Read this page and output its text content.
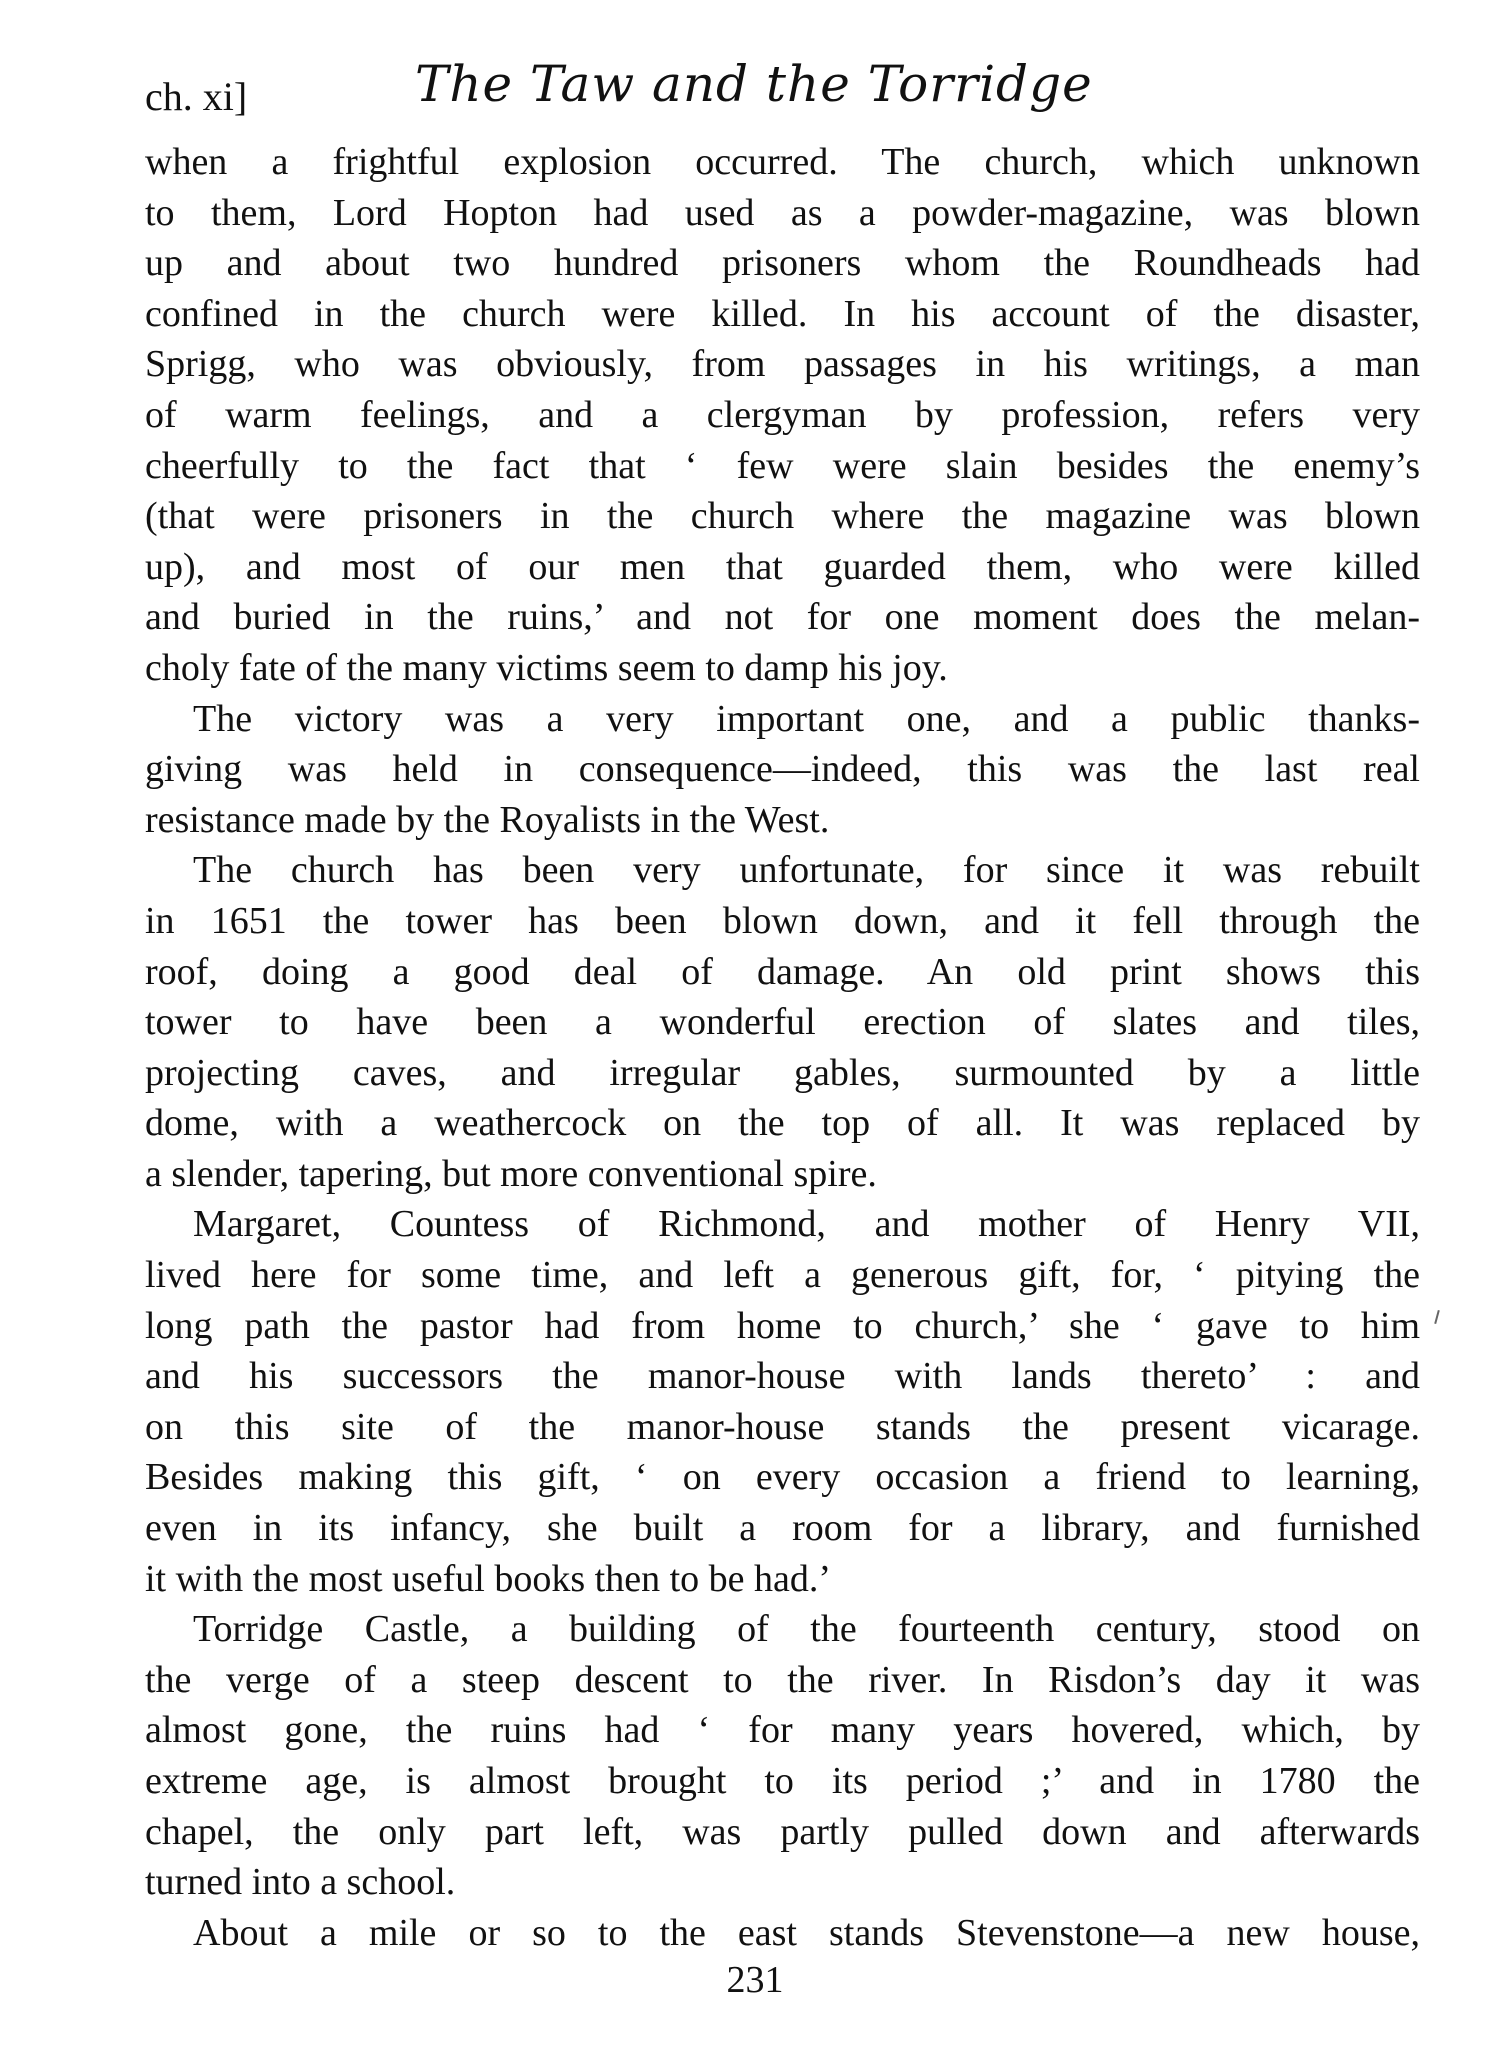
ch. xi]	The Taw and the Torridge
when a frightful explosion occurred. The church, which unknown
to them, Lord Hopton had used as a powder-magazine, was blown
up and about two hundred prisoners whom the Roundheads had
confined in the church were killed. In his account of the disaster,
Sprigg, who was obviously, from passages in his writings, a man
of warm feelings, and a clergyman by profession, refers very
cheerfully to the fact that ‘ few were slain besides the enemy’s
(that were prisoners in the church where the magazine was blown
up), and most of our men that guarded them, who were killed
and buried in the ruins,’ and not for one moment does the melan-
choly fate of the many victims seem to damp his joy.
The victory was a very important one, and a public thanks-
giving was held in consequence—indeed, this was the last real
resistance made by the Royalists in the West.
The church has been very unfortunate, for since it was rebuilt
in 1651 the tower has been blown down, and it fell through the
roof, doing a good deal of damage. An old print shows this
tower to have been a wonderful erection of slates and tiles,
projecting caves, and irregular gables, surmounted by a little
dome, with a weathercock on the top of all. It was replaced by
a slender, tapering, but more conventional spire.
Margaret, Countess of Richmond, and mother of Henry VII,
lived here for some time, and left a generous gift, for, ‘ pitying the
long path the pastor had from home to church,’ she ‘ gave to him
and his successors the manor-house with lands thereto’ : and
on this site of the manor-house stands the present vicarage.
Besides making this gift, ‘ on every occasion a friend to learning,
even in its infancy, she built a room for a library, and furnished
it with the most useful books then to be had.’
Torridge Castle, a building of the fourteenth century, stood on
the verge of a steep descent to the river. In Risdon’s day it was
almost gone, the ruins had ‘ for many years hovered, which, by
extreme age, is almost brought to its period ;’ and in 1780 the
chapel, the only part left, was partly pulled down and afterwards
turned into a school.
About a mile or so to the east stands Stevenstone—a new house,
231
